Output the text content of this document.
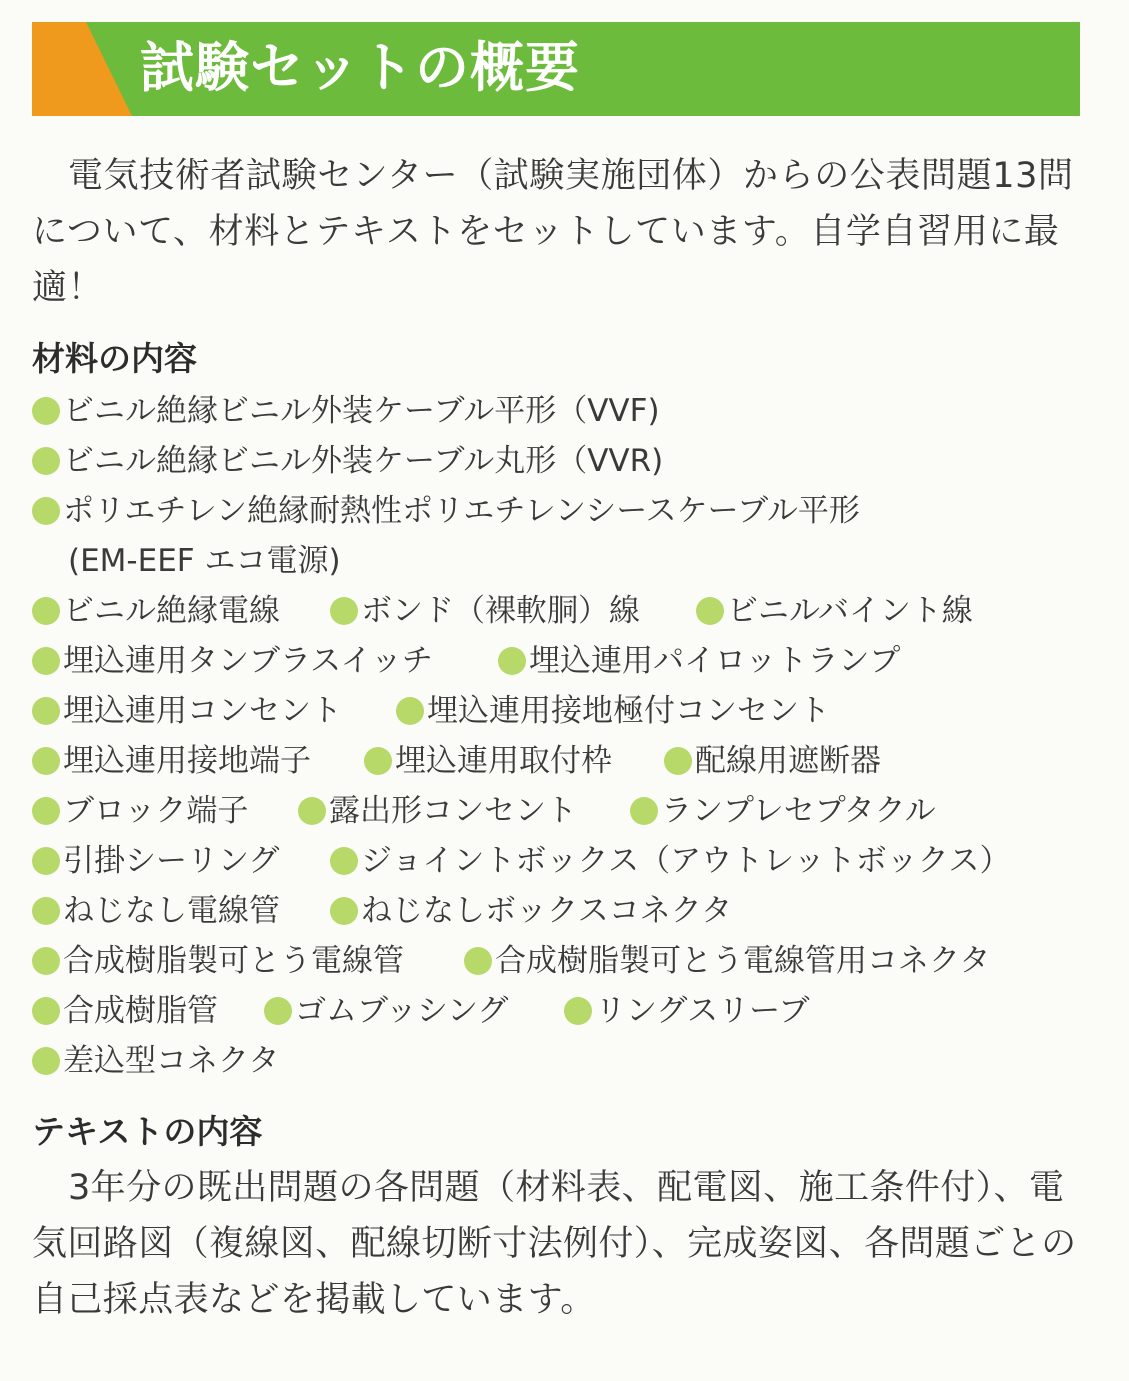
試験セットの概要

電気技術者試験センター（試験実施団体）からの公表問題13問について、材料とテキストをセットしています。自学自習用に最適！

材料の内容
ビニル絶縁ビニル外装ケーブル平形（VVF)
ビニル絶縁ビニル外装ケーブル丸形（VVR)
ポリエチレン絶縁耐熱性ポリエチレンシースケーブル平形
(EM-EEF エコ電源)
ビニル絶縁電線	ボンド（裸軟胴）線	ビニルバイント線
埋込連用タンブラスイッチ	埋込連用パイロットランプ
埋込連用コンセント	埋込連用接地極付コンセント
埋込連用接地端子	埋込連用取付枠	配線用遮断器
ブロック端子	露出形コンセント	ランプレセプタクル
引掛シーリング	ジョイントボックス（アウトレットボックス）
ねじなし電線管	ねじなしボックスコネクタ
合成樹脂製可とう電線管	合成樹脂製可とう電線管用コネクタ
合成樹脂管	ゴムブッシング	リングスリーブ
差込型コネクタ
テキストの内容

3年分の既出問題の各問題（材料表、配電図、施工条件付）、電気回路図（複線図、配線切断寸法例付）、完成姿図、各問題ごとの自己採点表などを掲載しています。
